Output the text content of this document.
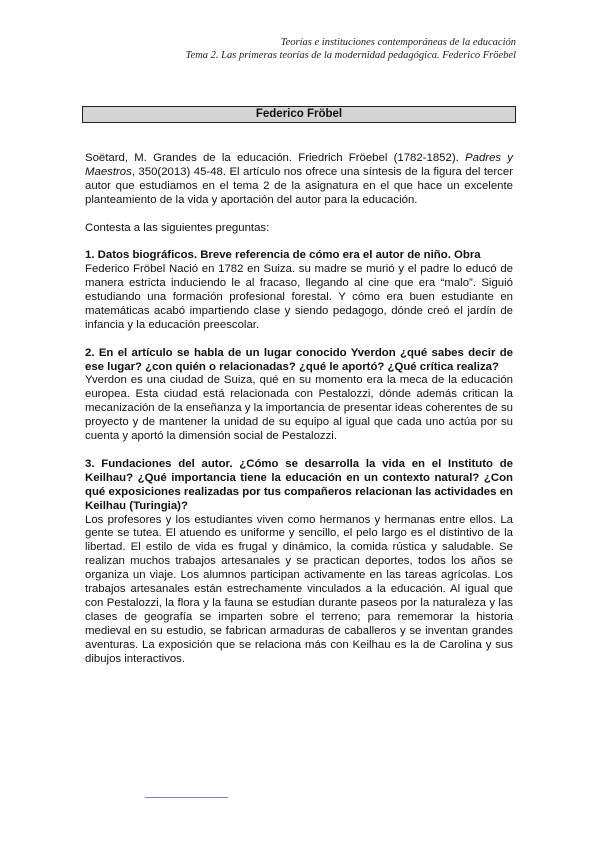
Teorías e instituciones contemporáneas de la educación
Tema 2. Las primeras teorías de la modernidad pedagógica. Federico Fröebel
Federico Fröbel

Soëtard, M. Grandes de la educación. Friedrich Fröebel (1782-1852). Padres y Maestros, 350(2013) 45-48. El artículo nos ofrece una síntesis de la figura del tercer autor que estudiamos en el tema 2 de la asignatura en el que hace un excelente planteamiento de la vida y aportación del autor para la educación.

Contesta a las siguientes preguntas:

1. Datos biográficos. Breve referencia de cómo era el autor de niño. Obra

Federico Fröbel Nació en 1782 en Suiza. su madre se murió y el padre lo educó de manera estricta induciendo le al fracaso, llegando al cine que era “malo”. Siguió estudiando una formación profesional forestal. Y cómo era buen estudiante en matemáticas acabó impartiendo clase y siendo pedagogo, dónde creó el jardín de infancia y la educación preescolar.

2. En el artículo se habla de un lugar conocido Yverdon ¿qué sabes decir de ese lugar? ¿con quién o relacionadas? ¿qué le aportó? ¿Qué crítica realiza?

Yverdon es una ciudad de Suiza, qué en su momento era la meca de la educación europea. Esta ciudad está relacionada con Pestalozzi, dónde además critican la mecanización de la enseñanza y la importancia de presentar ideas coherentes de su proyecto y de mantener la unidad de su equipo al igual que cada uno actúa por su cuenta y aportó la dimensión social de Pestalozzi.

3. Fundaciones del autor. ¿Cómo se desarrolla la vida en el Instituto de Keilhau? ¿Qué importancia tiene la educación en un contexto natural? ¿Con qué exposiciones realizadas por tus compañeros relacionan las actividades en Keilhau (Turingia)?

Los profesores y los estudiantes viven como hermanos y hermanas entre ellos. La gente se tutea. El atuendo es uniforme y sencillo, el pelo largo es el distintivo de la libertad. El estilo de vida es frugal y dinámico, la comida rústica y saludable. Se realizan muchos trabajos artesanales y se practican deportes, todos los años se organiza un viaje. Los alumnos participan activamente en las tareas agrícolas. Los trabajos artesanales están estrechamente vinculados a la educación. Al igual que con Pestalozzi, la flora y la fauna se estudian durante paseos por la naturaleza y las clases de geografía se imparten sobre el terreno; para rememorar la historia medieval en su estudio, se fabrican armaduras de caballeros y se inventan grandes aventuras. La exposición que se relaciona más con Keilhau es la de Carolina y sus dibujos interactivos.
